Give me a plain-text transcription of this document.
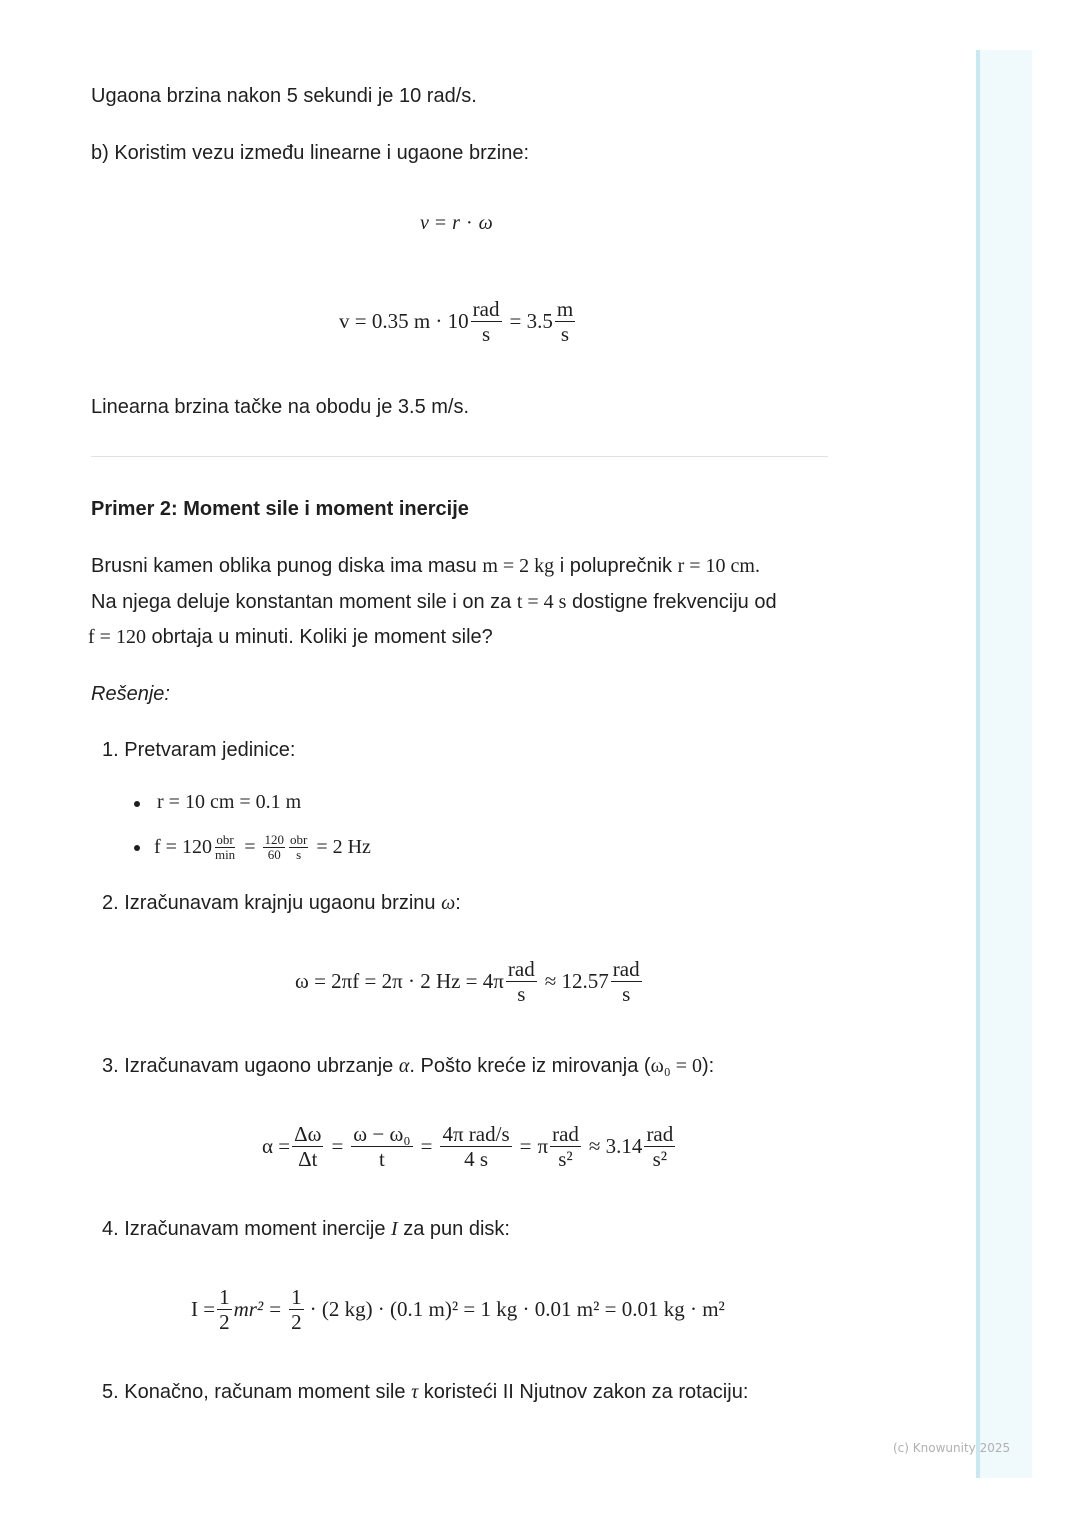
Ugaona brzina nakon 5 sekundi je 10 rad/s.

b) Koristim vezu između linearne i ugaone brzine:

v = r · ω
v = 0.35 $m \cdot 10 \frac{\text{rad}}{s} = 3.5 \frac{m}{s}$

Linearna brzina tačke na obodu je 3.5 m/s.

Primer 2: Moment sile i moment inercije

Brusni kamen oblika punog diska ima masu m = 2 kg i poluprečnik r = 10 cm.

Na njega deluje konstantan moment sile i on za t = 4 s dostigne frekvenciju od

f = 120 obrtaja u minuti. Koliki je moment sile?

Rešenje:

1. Pretvaram jedinice:

r = 10 cm = 0.1 m
$f = 120 \frac{\text{obr}}{\min} = \frac{120}{60} \frac{\text{obr}}{s} = 2$ Hz

2. Izračunavam krajnju ugaonu brzinu ω:

ω = 2πf = 2π · 2 $Hz = 4\pi \frac{\text{rad}}{s} \approx 12.57 \frac{\text{rad}}{s}$

3. Izračunavam ugaono ubrzanje α. Pošto kreće iz mirovanja (ω₀ = 0):

$\alpha = \frac{\Delta\omega}{\Delta t} = \frac{\text{ω − ω₀}}{t} = \frac{\text{4π rad/s}}{4 s} = \pi \frac{\text{rad}}{\text{s²}} \approx 3.14 \frac{\text{rad}}{\text{s²}}$

4. Izračunavam moment inercije I za pun disk:

$I = \frac{1}{2} mr^2 = \frac{1}{2} \cdot (2$ kg) · (0.1 m)² = 1 kg · 0.01 m² = 0.01 kg · m²

5. Konačno, računam moment sile τ koristeći II Njutnov zakon za rotaciju:

(c) Knowunity 2025
